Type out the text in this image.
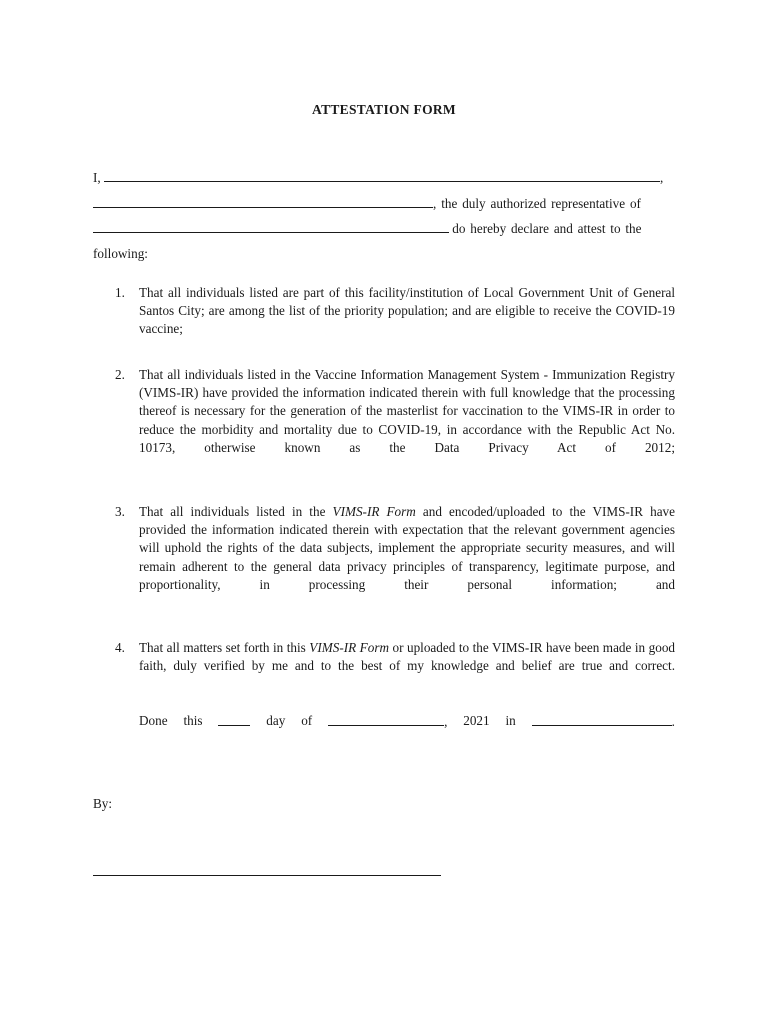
ATTESTATION FORM
I,	,
, the duly authorized representative of
do hereby declare and attest to the
following:
1. That all individuals listed are part of this facility/institution of Local Government Unit of General Santos City; are among the list of the priority population; and are eligible to receive the COVID-19 vaccine;

2. That all individuals listed in the Vaccine Information Management System - Immunization Registry (VIMS-IR) have provided the information indicated therein with full knowledge that the processing thereof is necessary for the generation of the masterlist for vaccination to the VIMS-IR in order to reduce the morbidity and mortality due to COVID-19, in accordance with the Republic Act No. 10173, otherwise known as the Data Privacy Act of 2012;

3. That all individuals listed in the VIMS-IR Form and encoded/uploaded to the VIMS-IR have provided the information indicated therein with expectation that the relevant government agencies will uphold the rights of the data subjects, implement the appropriate security measures, and will remain adherent to the general data privacy principles of transparency, legitimate purpose, and proportionality, in processing their personal information; and

4. That all matters set forth in this VIMS-IR Form or uploaded to the VIMS-IR have been made in good faith, duly verified by me and to the best of my knowledge and belief are true and correct.

Done this	day of	, 2021 in	.
By:
